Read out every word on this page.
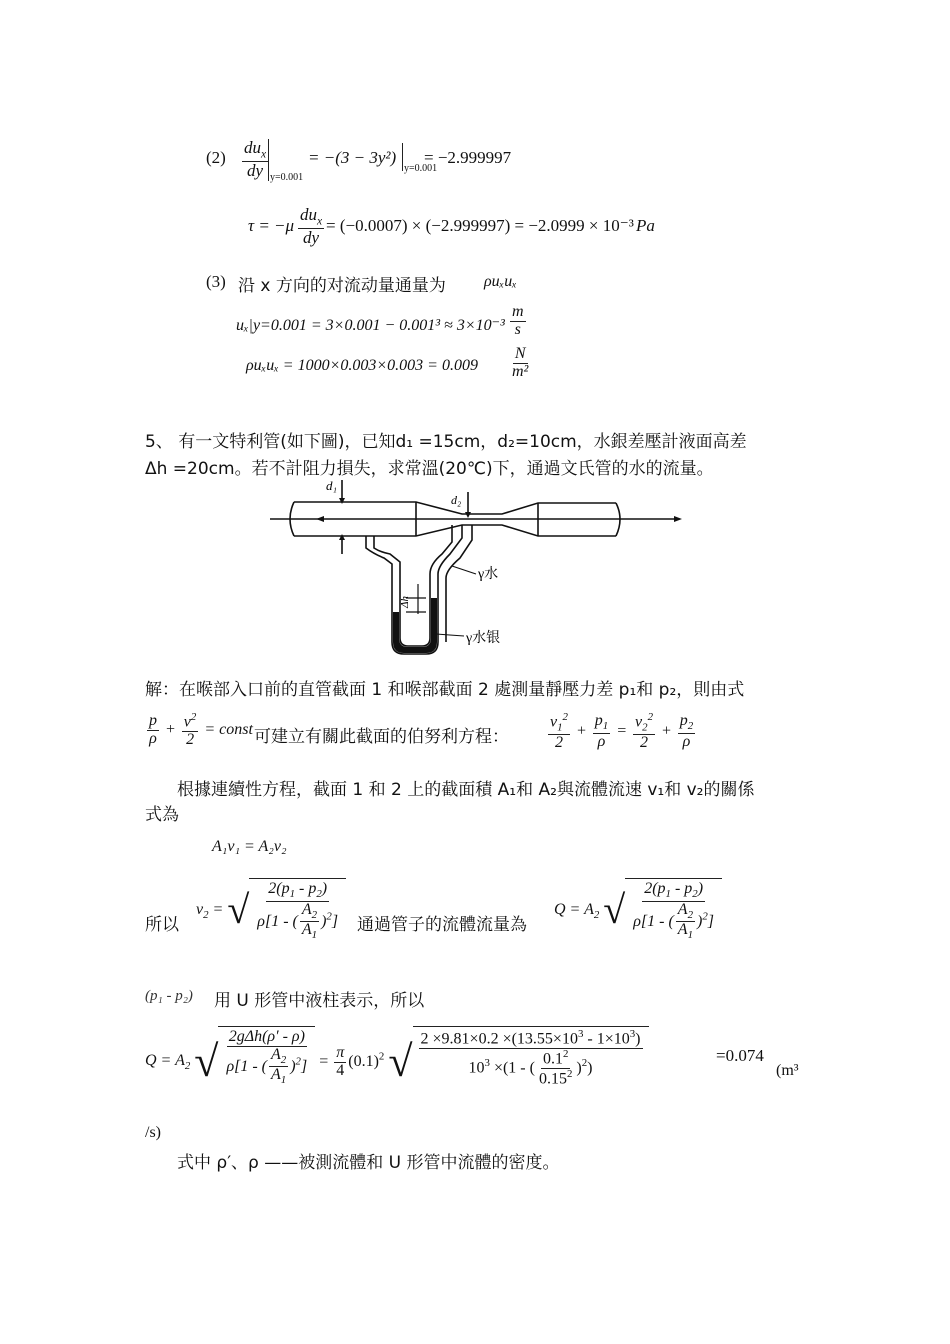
$(2) \frac{du_x}{dy} y=0.001$
= −(3 − 3y²)
y=0.001
= −2.999997
$\tau = -\mu \frac{du_x}{dy} = (-0.0007) \times (-2.999997) = -2.0999 \times 10^{-3}$ Pa
(3) 沿 x 方向的对流动量通量为 ρuₓuₓ
$u_x|y=0.001 = 3\times 0.001 - 0.001^3 \approx 3\times 10^{-3} \frac{m}{s}$
$\rho u_xu_x = 1000\times 0.003\times 0.003 = 0.009 \frac{N}{\text{m²}}$
5、 有一文特利管(如下圖)，已知d₁ =15cm，d₂=10cm，水銀差壓計液面高差
Δh =20cm。若不計阻力損失，求常溫(20℃)下，通過文氏管的水的流量。
d₁
d₂
γ水
Δh
γ水银
解：在喉部入口前的直管截面 1 和喉部截面 2 處測量靜壓力差 p₁和 p₂，則由式
$\frac{p}{\rho} + \frac{v^2}{2}$ = const 可建立有關此截面的伯努利方程： $\frac{v_1^2}{2} + \frac{p_1}{\rho} = \frac{v_2^2}{2} + \frac{p_2}{\rho}$
根據連續性方程，截面 1 和 2 上的截面積 A₁和 A₂與流體流速 v₁和 v₂的關係
式為
A₁v₁ = A₂v₂
所以
$v_2$ = √ $\frac{2(p_1 - p_2)}{\rho[1 - ( \frac{A_2}{A_1} )^2]}$ 通過管子的流體流量為
$Q = A_2$ √ $\frac{2(p_1 - p_2)}{\rho[1 - ( \frac{A_2}{A_1} )^2]}$
(p₁ - p₂) 用 U 形管中液柱表示，所以
$Q = A_2$ √ $\frac{\text{2gΔh(ρ′ - ρ)}}{\rho[1 - ( \frac{A_2}{A_1} )^2]} = \frac{\pi}{4} (0.1)^2$ √ $\frac{2 \times 9.81\times 0.2 \times(13.55\times 10^3 - 1\times 10^3)}{10^3 \times(1 - ( \frac{0.1^2}{0.15^2} )^2)}$	=0.074
(m³
/s)
式中 ρ′、ρ ——被測流體和 U 形管中流體的密度。
